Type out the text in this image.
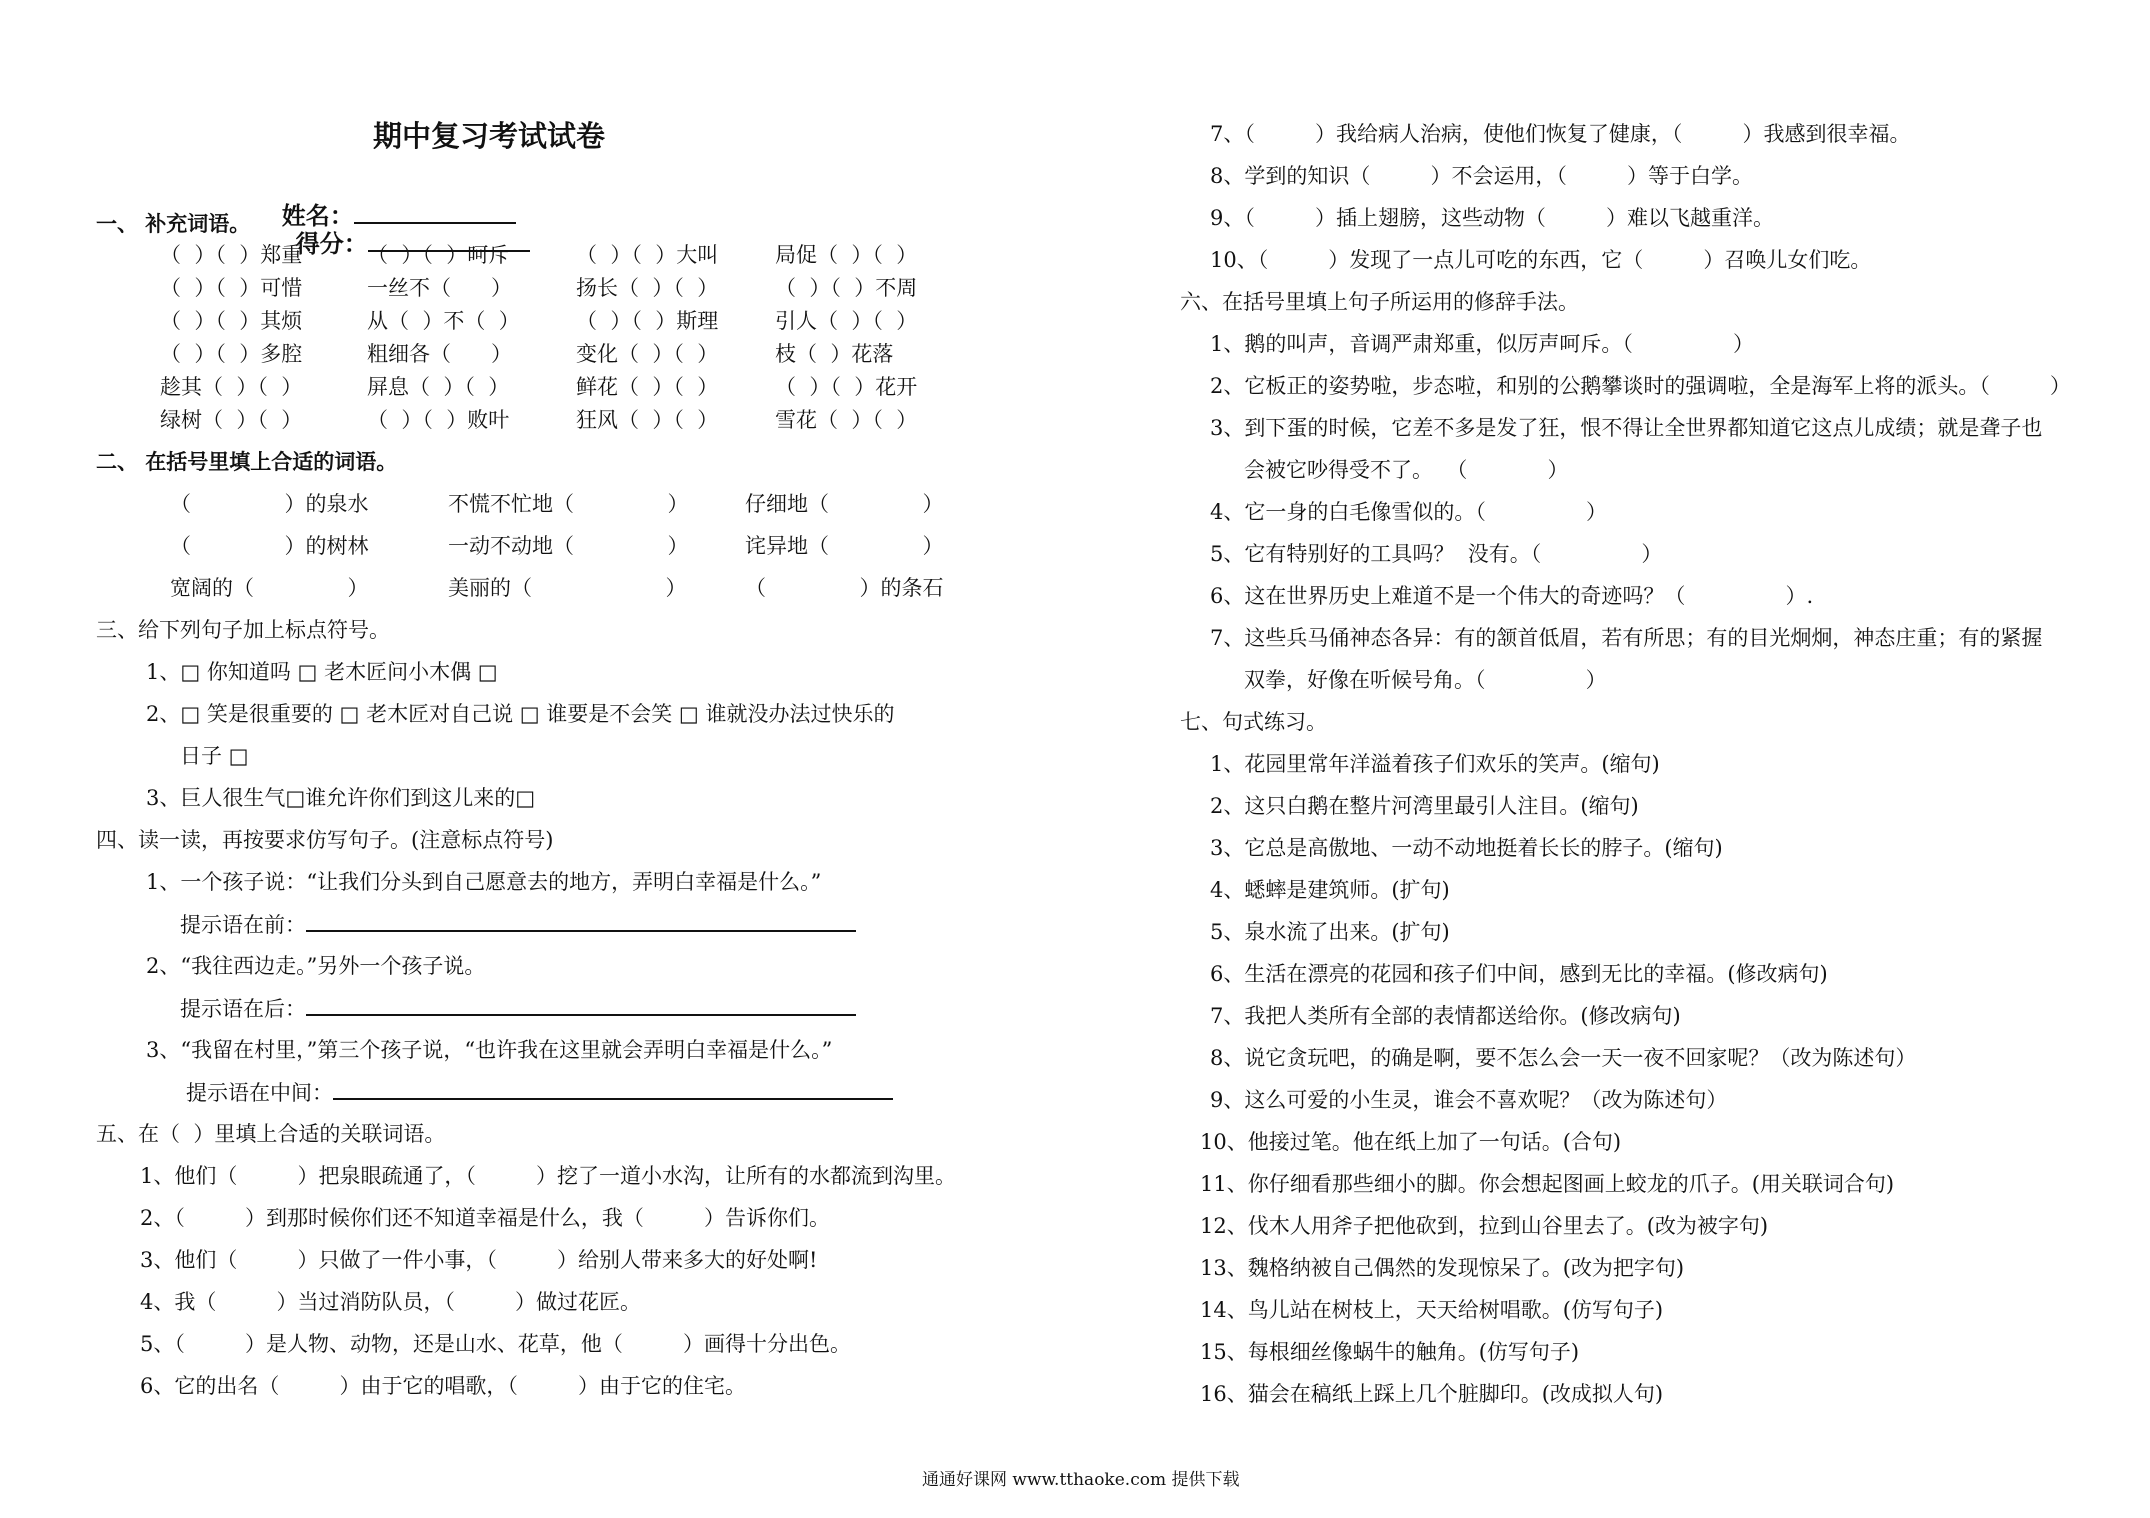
期中复习考试试卷

姓名：
得分：

一、 补充词语。
（  ）（  ）郑重	（  ）（  ）呵斥	（  ）（  ）大叫	局促（  ）（  ）
（  ）（  ）可惜	一丝不（      ）	扬长（  ）（  ）	（  ）（  ）不周
（  ）（  ）其烦	从（  ）不（  ）	（  ）（  ）斯理	引人（  ）（  ）
（  ）（  ）多腔	粗细各（      ）	变化（  ）（  ）	枝（  ）花落
趁其（  ）（  ）	屏息（  ）（  ）	鲜花（  ）（  ）	（  ）（  ）花开
绿树（  ）（  ）	（  ）（  ）败叶	狂风（  ）（  ）	雪花（  ）（  ）
二、 在括号里填上合适的词语。
（              ）的泉水	不慌不忙地（              ）	仔细地（              ）
（              ）的树林	一动不动地（              ）	诧异地（              ）
宽阔的（              ）	美丽的（                    ）	（              ）的条石
三、给下列句子加上标点符号。
1、□ 你知道吗 □ 老木匠问小木偶 □
2、□ 笑是很重要的 □ 老木匠对自己说 □ 谁要是不会笑 □ 谁就没办法过快乐的
日子 □
3、巨人很生气□谁允许你们到这儿来的□
四、读一读，再按要求仿写句子。(注意标点符号)
1、一个孩子说：“让我们分头到自己愿意去的地方，弄明白幸福是什么。”
提示语在前：
2、“我往西边走。”另外一个孩子说。
提示语在后：
3、“我留在村里，”第三个孩子说，“也许我在这里就会弄明白幸福是什么。”
提示语在中间：
五、在（  ）里填上合适的关联词语。
1、他们（         ）把泉眼疏通了，（         ）挖了一道小水沟，让所有的水都流到沟里。
2、（         ）到那时候你们还不知道幸福是什么，我（         ）告诉你们。
3、他们（         ）只做了一件小事，（         ）给别人带来多大的好处啊!
4、我（         ）当过消防队员，（         ）做过花匠。
5、（         ）是人物、动物，还是山水、花草，他（         ）画得十分出色。
6、它的出名（         ）由于它的唱歌，（         ）由于它的住宅。
7、（         ）我给病人治病，使他们恢复了健康，（         ）我感到很幸福。
8、学到的知识（         ）不会运用，（         ）等于白学。
9、（         ）插上翅膀，这些动物（         ）难以飞越重洋。
10、（         ）发现了一点儿可吃的东西，它（         ）召唤儿女们吃。
六、在括号里填上句子所运用的修辞手法。
1、鹅的叫声，音调严肃郑重，似厉声呵斥。（               ）
2、它板正的姿势啦，步态啦，和别的公鹅攀谈时的强调啦，全是海军上将的派头。（         ）
3、到下蛋的时候，它差不多是发了狂，恨不得让全世界都知道它这点儿成绩；就是聋子也
会被它吵得受不了。  （            ）
4、它一身的白毛像雪似的。（               ）
5、它有特别好的工具吗？  没有。（               ）
6、这在世界历史上难道不是一个伟大的奇迹吗？（               ）.
7、这些兵马俑神态各异：有的颔首低眉，若有所思；有的目光炯炯，神态庄重；有的紧握
双拳，好像在听候号角。（               ）
七、句式练习。
1、花园里常年洋溢着孩子们欢乐的笑声。(缩句)
2、这只白鹅在整片河湾里最引人注目。(缩句)
3、它总是高傲地、一动不动地挺着长长的脖子。(缩句)
4、蟋蟀是建筑师。(扩句)
5、泉水流了出来。(扩句)
6、生活在漂亮的花园和孩子们中间，感到无比的幸福。(修改病句)
7、我把人类所有全部的表情都送给你。(修改病句)
8、说它贪玩吧，的确是啊，要不怎么会一天一夜不回家呢？（改为陈述句）
9、这么可爱的小生灵，谁会不喜欢呢？（改为陈述句）
10、他接过笔。他在纸上加了一句话。(合句)
11、你仔细看那些细小的脚。你会想起图画上蛟龙的爪子。(用关联词合句)
12、伐木人用斧子把他砍到，拉到山谷里去了。(改为被字句)
13、魏格纳被自己偶然的发现惊呆了。(改为把字句)
14、鸟儿站在树枝上，天天给树唱歌。(仿写句子)
15、每根细丝像蜗牛的触角。(仿写句子)
16、猫会在稿纸上踩上几个脏脚印。(改成拟人句)
通通好课网 www.tthaoke.com 提供下载
